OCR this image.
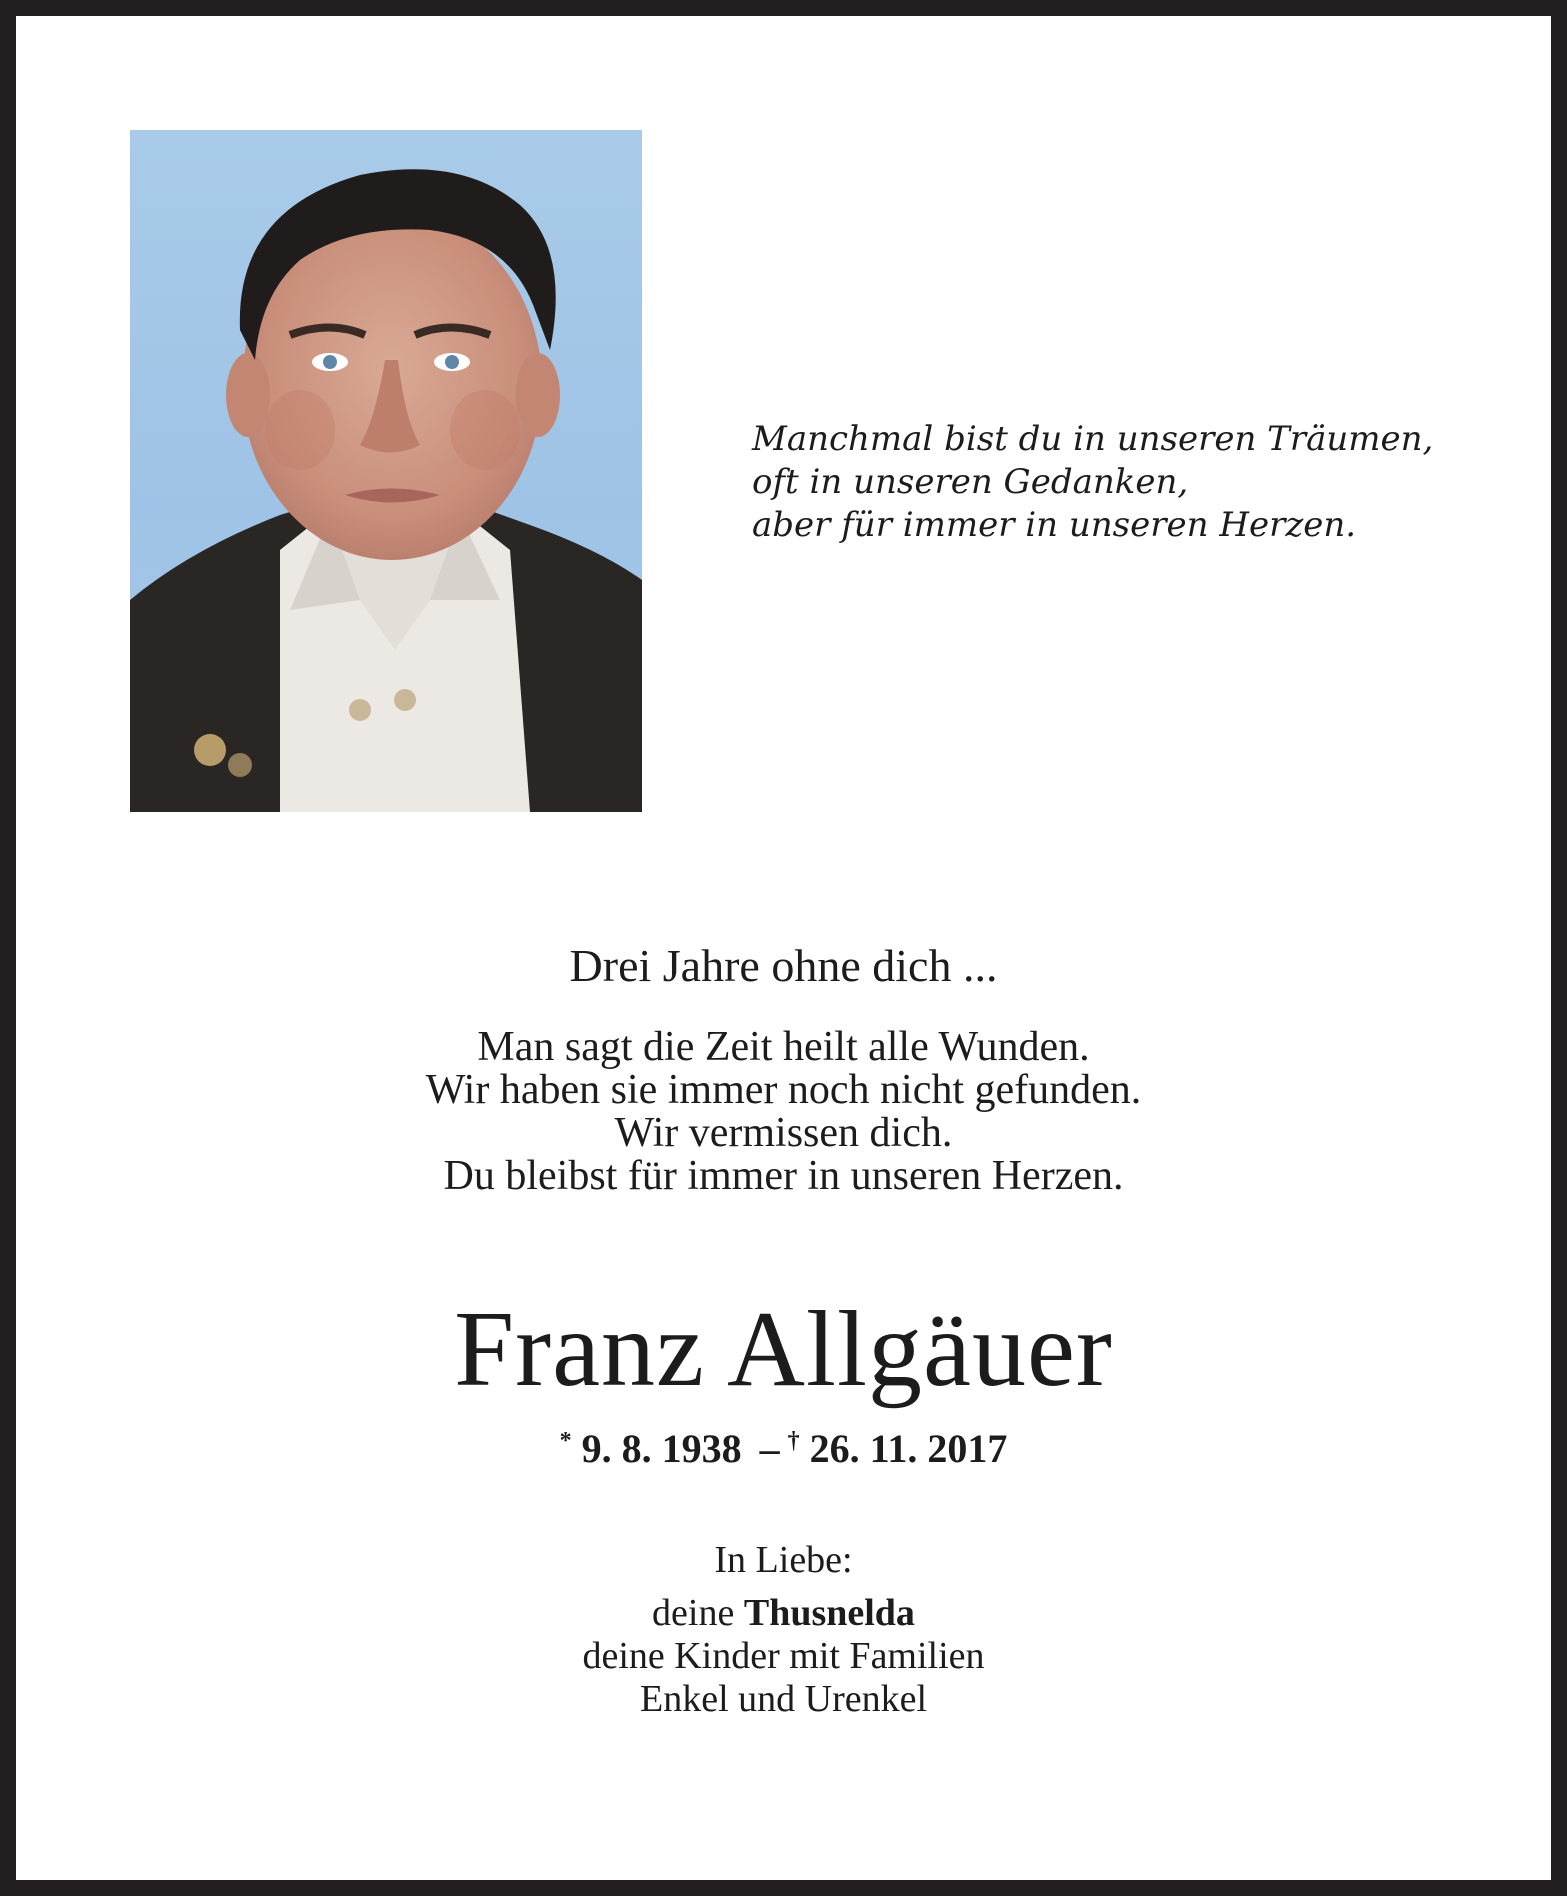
Manchmal bist du in unseren Träumen,
oft in unseren Gedanken,
aber für immer in unseren Herzen.
Drei Jahre ohne dich ...
Man sagt die Zeit heilt alle Wunden.
Wir haben sie immer noch nicht gefunden.
Wir vermissen dich.
Du bleibst für immer in unseren Herzen.
Franz Allgäuer
* 9. 8. 1938 – † 26. 11. 2017
In Liebe:
deine Thusnelda
deine Kinder mit Familien
Enkel und Urenkel
